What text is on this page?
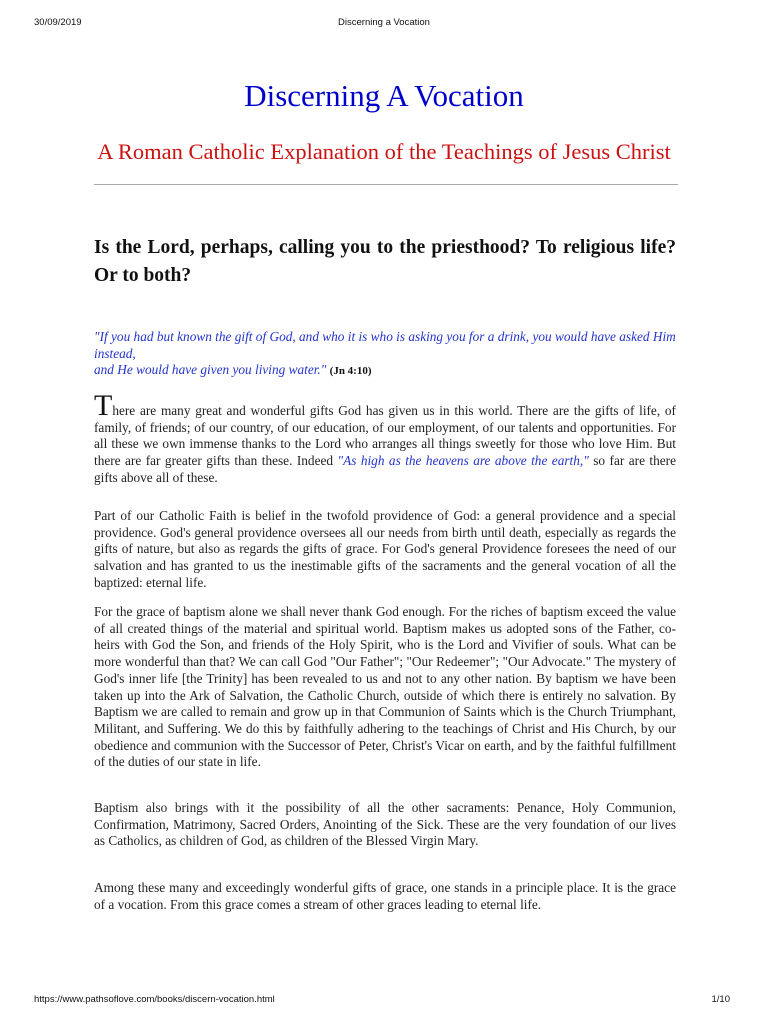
30/09/2019	Discerning a Vocation
Discerning A Vocation
A Roman Catholic Explanation of the Teachings of Jesus Christ
Is the Lord, perhaps, calling you to the priesthood? To religious life? Or to both?
"If you had but known the gift of God, and who it is who is asking you for a drink, you would have asked Him instead,
and He would have given you living water." (Jn 4:10)

There are many great and wonderful gifts God has given us in this world. There are the gifts of life, of family, of friends; of our country, of our education, of our employment, of our talents and opportunities. For all these we own immense thanks to the Lord who arranges all things sweetly for those who love Him. But there are far greater gifts than these. Indeed "As high as the heavens are above the earth," so far are there gifts above all of these.

Part of our Catholic Faith is belief in the twofold providence of God: a general providence and a special providence. God's general providence oversees all our needs from birth until death, especially as regards the gifts of nature, but also as regards the gifts of grace. For God's general Providence foresees the need of our salvation and has granted to us the inestimable gifts of the sacraments and the general vocation of all the baptized: eternal life.

For the grace of baptism alone we shall never thank God enough. For the riches of baptism exceed the value of all created things of the material and spiritual world. Baptism makes us adopted sons of the Father, co-heirs with God the Son, and friends of the Holy Spirit, who is the Lord and Vivifier of souls. What can be more wonderful than that? We can call God "Our Father"; "Our Redeemer"; "Our Advocate." The mystery of God's inner life [the Trinity] has been revealed to us and not to any other nation. By baptism we have been taken up into the Ark of Salvation, the Catholic Church, outside of which there is entirely no salvation. By Baptism we are called to remain and grow up in that Communion of Saints which is the Church Triumphant, Militant, and Suffering. We do this by faithfully adhering to the teachings of Christ and His Church, by our obedience and communion with the Successor of Peter, Christ's Vicar on earth, and by the faithful fulfillment of the duties of our state in life.

Baptism also brings with it the possibility of all the other sacraments: Penance, Holy Communion, Confirmation, Matrimony, Sacred Orders, Anointing of the Sick. These are the very foundation of our lives as Catholics, as children of God, as children of the Blessed Virgin Mary.

Among these many and exceedingly wonderful gifts of grace, one stands in a principle place. It is the grace of a vocation. From this grace comes a stream of other graces leading to eternal life.

https://www.pathsoflove.com/books/discern-vocation.html	1/10
